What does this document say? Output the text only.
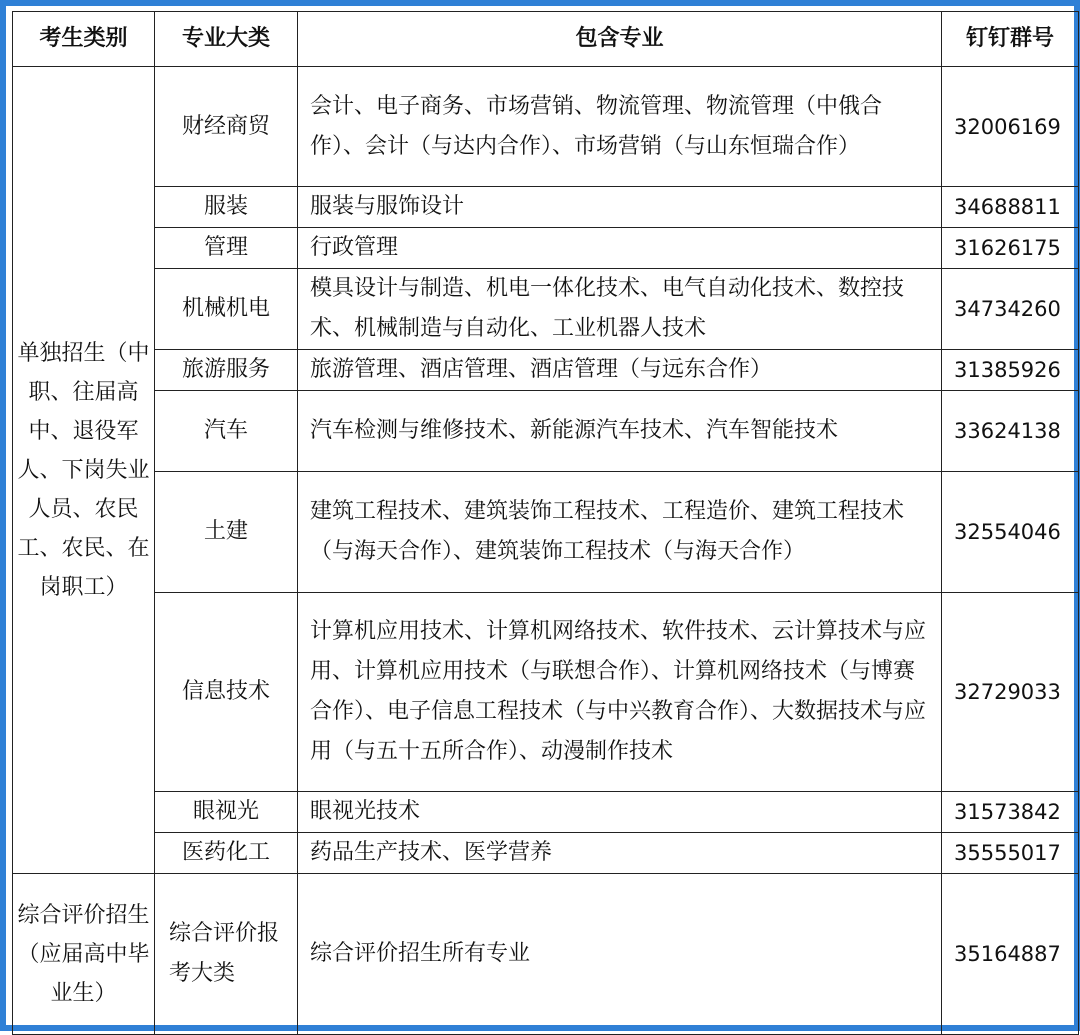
考生类别	专业大类	包含专业	钉钉群号
单独招生（中职、往届高中、退役军人、下岗失业人员、农民工、农民、在岗职工）	财经商贸	会计、电子商务、市场营销、物流管理、物流管理（中俄合作）、会计（与达内合作）、市场营销（与山东恒瑞合作）	32006169
	服装	服装与服饰设计	34688811
	管理	行政管理	31626175
	机械机电	模具设计与制造、机电一体化技术、电气自动化技术、数控技术、机械制造与自动化、工业机器人技术	34734260
	旅游服务	旅游管理、酒店管理、酒店管理（与远东合作）	31385926
	汽车	汽车检测与维修技术、新能源汽车技术、汽车智能技术	33624138
	土建	建筑工程技术、建筑装饰工程技术、工程造价、建筑工程技术（与海天合作）、建筑装饰工程技术（与海天合作）	32554046
	信息技术	计算机应用技术、计算机网络技术、软件技术、云计算技术与应用、计算机应用技术（与联想合作）、计算机网络技术（与博赛合作）、电子信息工程技术（与中兴教育合作）、大数据技术与应用（与五十五所合作）、动漫制作技术	32729033
	眼视光	眼视光技术	31573842
	医药化工	药品生产技术、医学营养	35555017
综合评价招生（应届高中毕业生）	综合评价报考大类	综合评价招生所有专业	35164887
